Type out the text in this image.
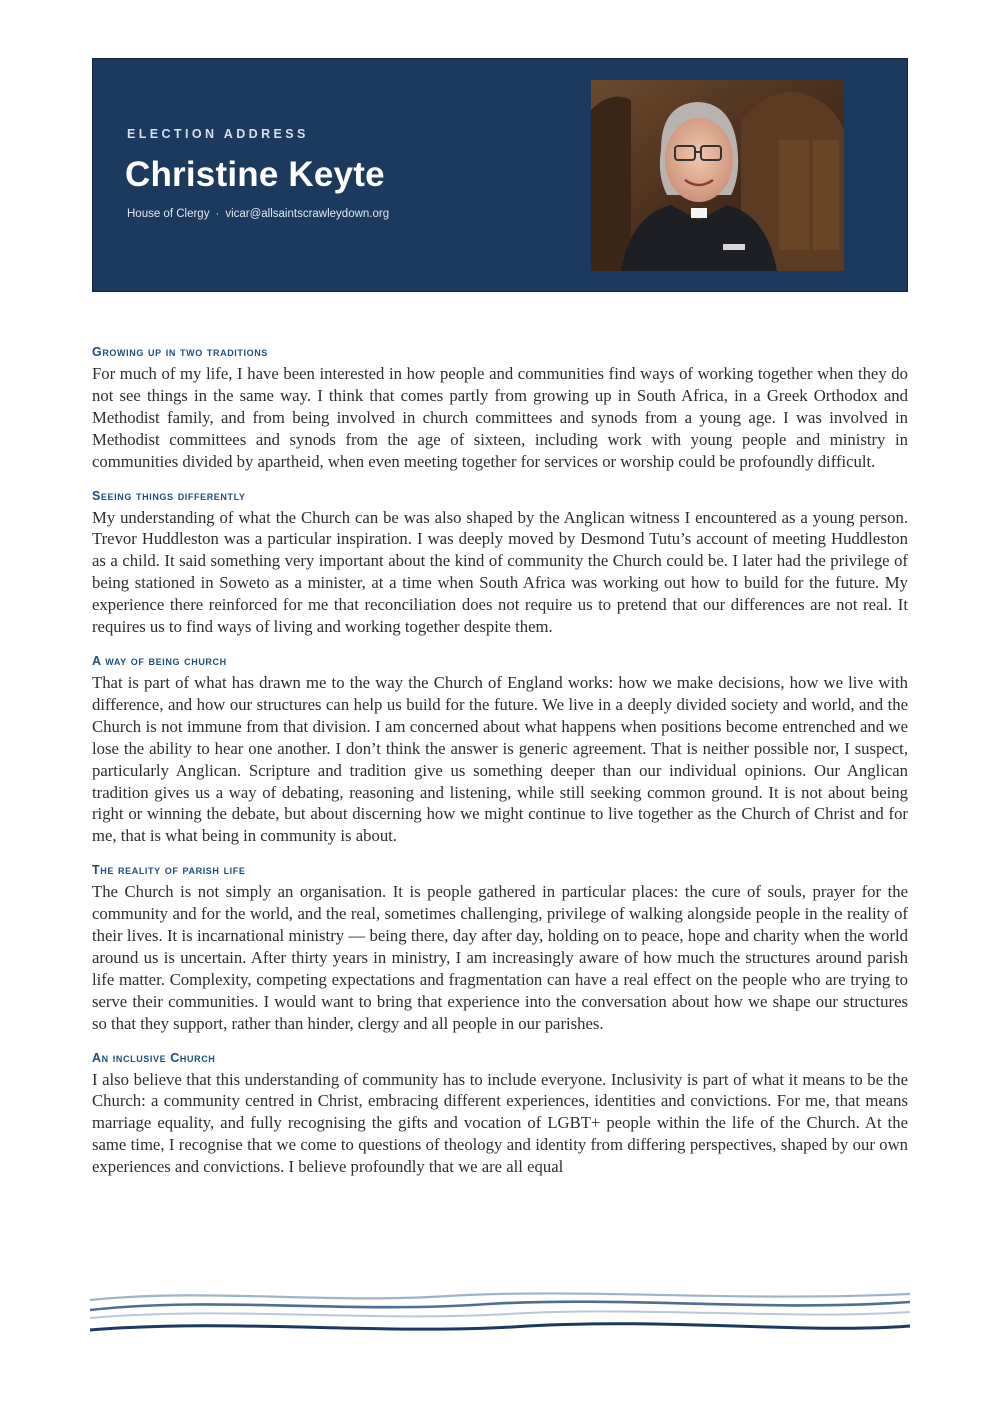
ELECTION ADDRESS
Christine Keyte
House of Clergy · vicar@allsaintscrawleydown.org
Growing up in two traditions

For much of my life, I have been interested in how people and communities find ways of working together when they do not see things in the same way. I think that comes partly from growing up in South Africa, in a Greek Orthodox and Methodist family, and from being involved in church committees and synods from a young age. I was involved in Methodist committees and synods from the age of sixteen, including work with young people and ministry in communities divided by apartheid, when even meeting together for services or worship could be profoundly difficult.

Seeing things differently

My understanding of what the Church can be was also shaped by the Anglican witness I encountered as a young person. Trevor Huddleston was a particular inspiration. I was deeply moved by Desmond Tutu’s account of meeting Huddleston as a child. It said something very important about the kind of community the Church could be. I later had the privilege of being stationed in Soweto as a minister, at a time when South Africa was working out how to build for the future. My experience there reinforced for me that reconciliation does not require us to pretend that our differences are not real. It requires us to find ways of living and working together despite them.

A way of being church

That is part of what has drawn me to the way the Church of England works: how we make decisions, how we live with difference, and how our structures can help us build for the future. We live in a deeply divided society and world, and the Church is not immune from that division. I am concerned about what happens when positions become entrenched and we lose the ability to hear one another. I don’t think the answer is generic agreement. That is neither possible nor, I suspect, particularly Anglican. Scripture and tradition give us something deeper than our individual opinions. Our Anglican tradition gives us a way of debating, reasoning and listening, while still seeking common ground. It is not about being right or winning the debate, but about discerning how we might continue to live together as the Church of Christ and for me, that is what being in community is about.

The reality of parish life

The Church is not simply an organisation. It is people gathered in particular places: the cure of souls, prayer for the community and for the world, and the real, sometimes challenging, privilege of walking alongside people in the reality of their lives. It is incarnational ministry — being there, day after day, holding on to peace, hope and charity when the world around us is uncertain. After thirty years in ministry, I am increasingly aware of how much the structures around parish life matter. Complexity, competing expectations and fragmentation can have a real effect on the people who are trying to serve their communities. I would want to bring that experience into the conversation about how we shape our structures so that they support, rather than hinder, clergy and all people in our parishes.

An inclusive Church

I also believe that this understanding of community has to include everyone. Inclusivity is part of what it means to be the Church: a community centred in Christ, embracing different experiences, identities and convictions. For me, that means marriage equality, and fully recognising the gifts and vocation of LGBT+ people within the life of the Church. At the same time, I recognise that we come to questions of theology and identity from differing perspectives, shaped by our own experiences and convictions. I believe profoundly that we are all equal
